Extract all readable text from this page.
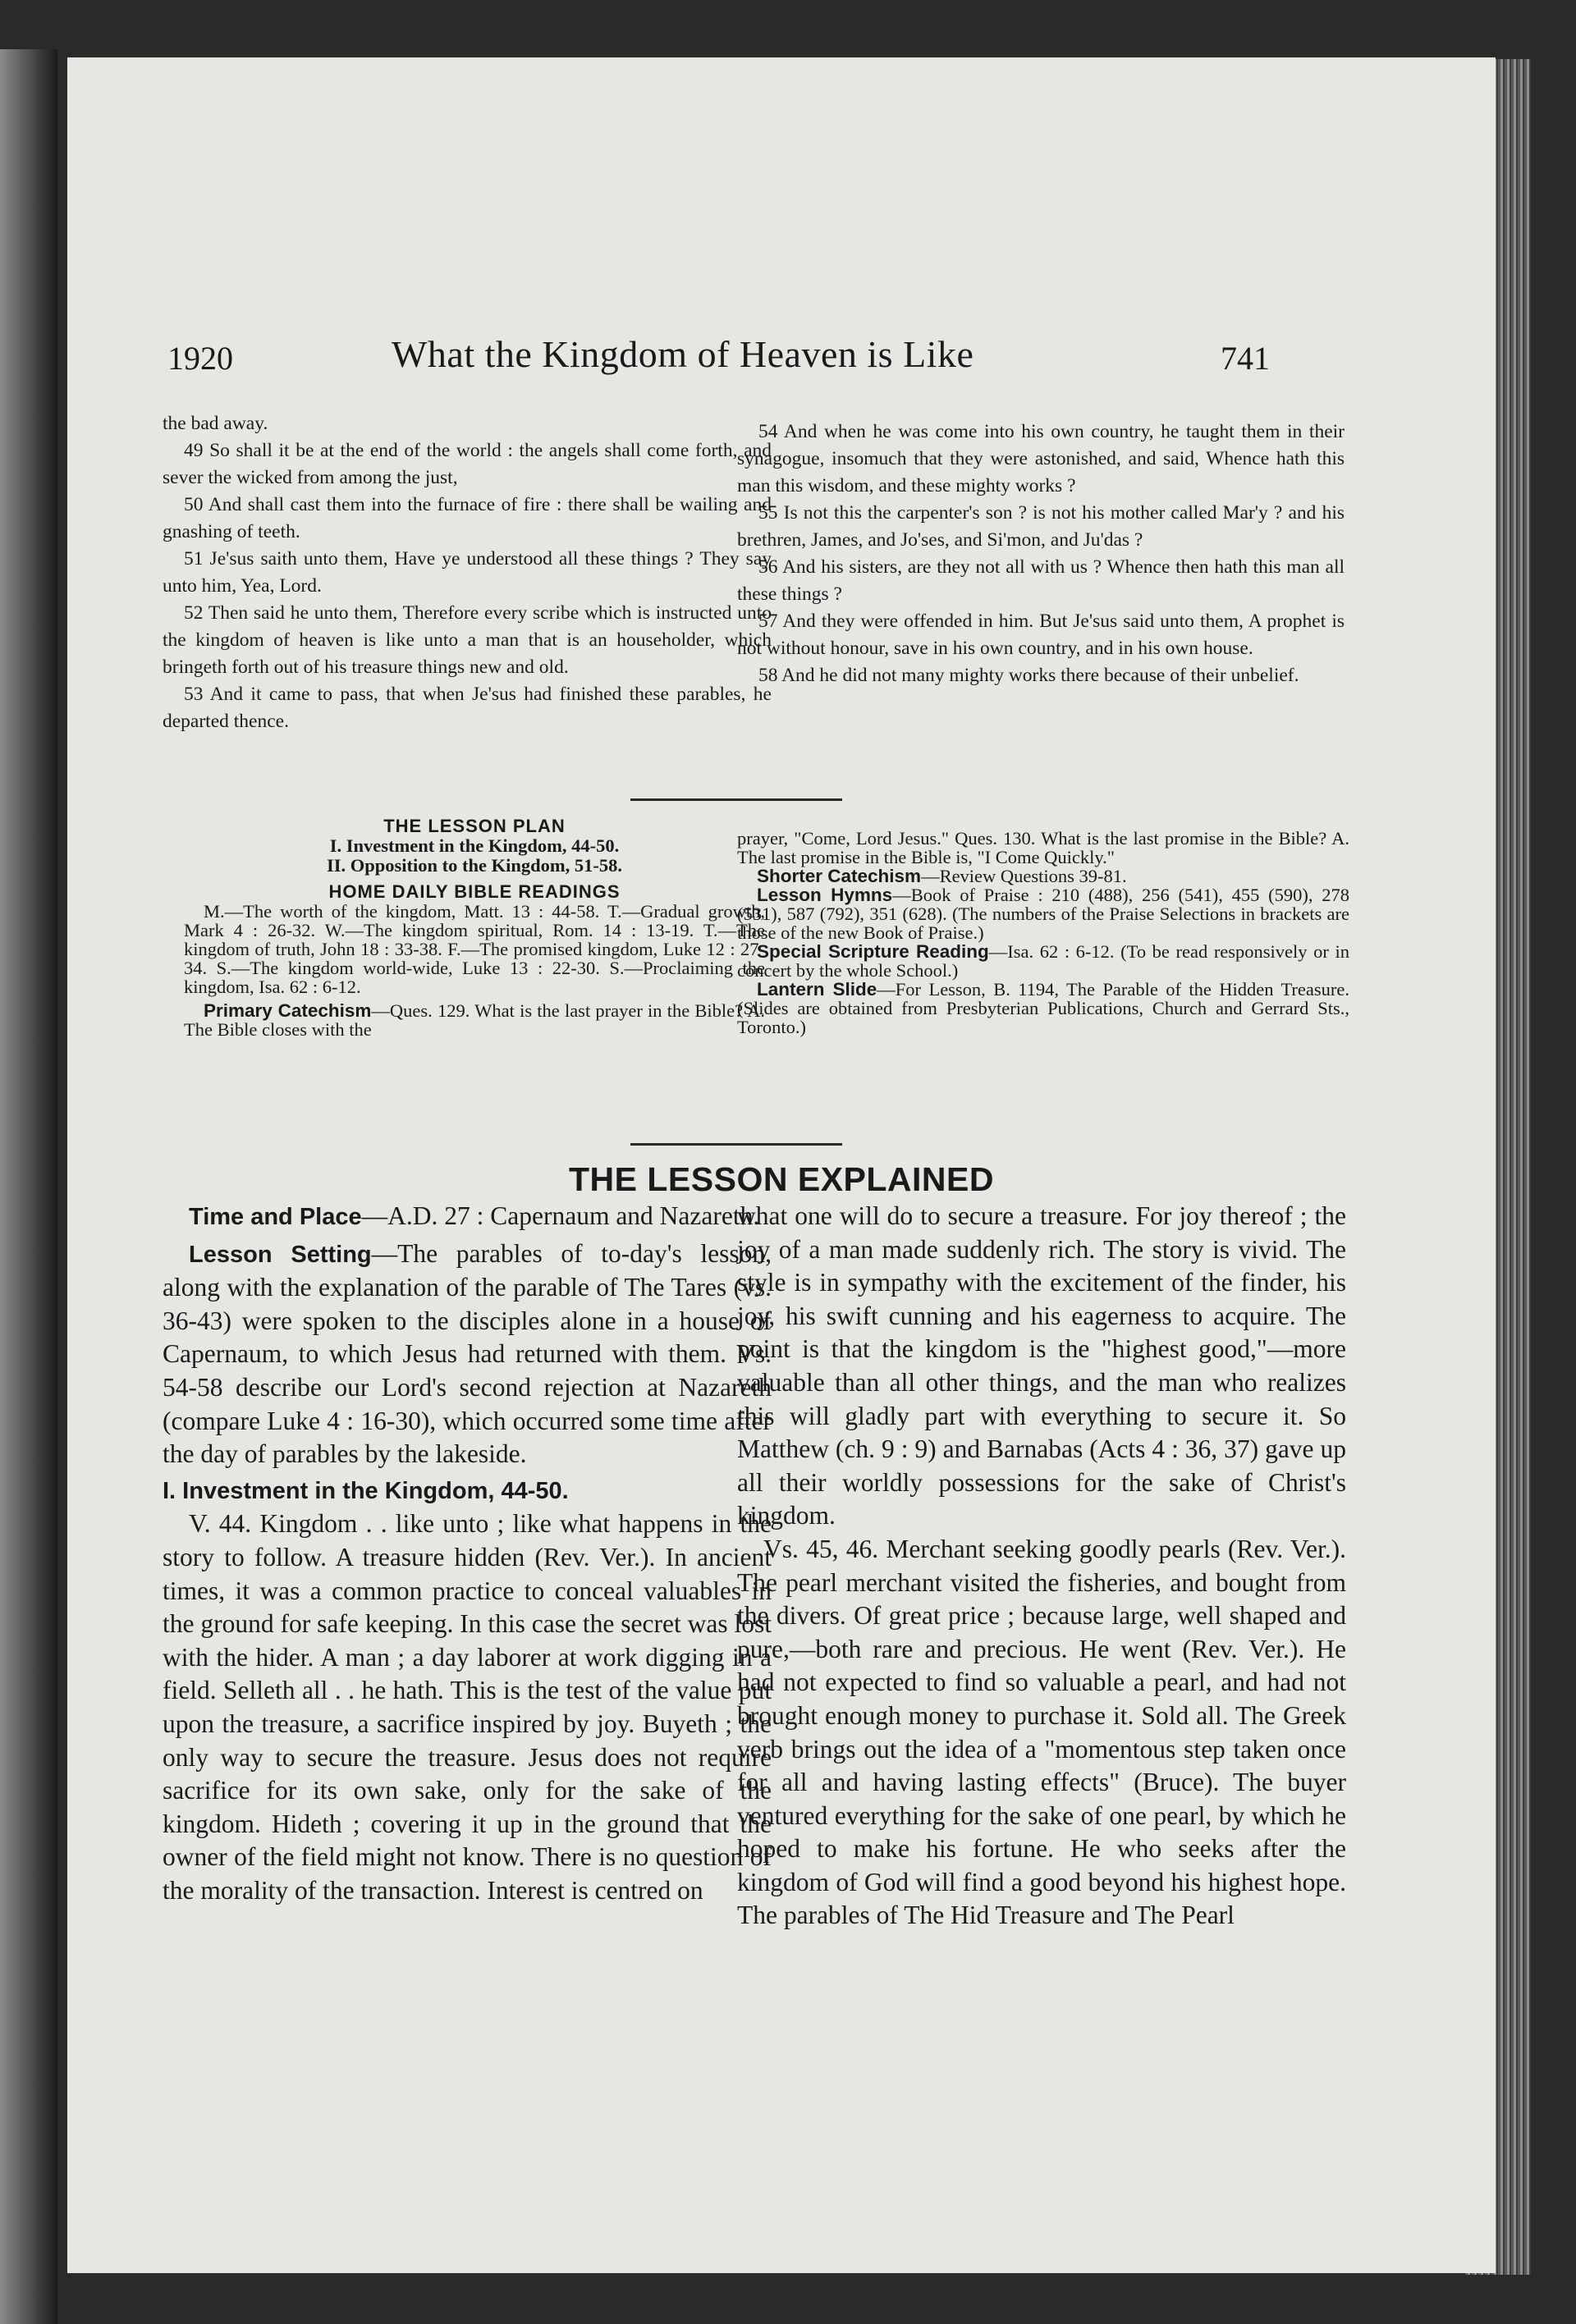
1920	What the Kingdom of Heaven is Like	741

the bad away.

49 So shall it be at the end of the world : the angels shall come forth, and sever the wicked from among the just,

50 And shall cast them into the furnace of fire : there shall be wailing and gnashing of teeth.

51 Je'sus saith unto them, Have ye understood all these things ? They say unto him, Yea, Lord.

52 Then said he unto them, Therefore every scribe which is instructed unto the kingdom of heaven is like unto a man that is an householder, which bringeth forth out of his treasure things new and old.

53 And it came to pass, that when Je'sus had finished these parables, he departed thence.

54 And when he was come into his own country, he taught them in their synagogue, insomuch that they were astonished, and said, Whence hath this man this wisdom, and these mighty works ?

55 Is not this the carpenter's son ? is not his mother called Mar'y ? and his brethren, James, and Jo'ses, and Si'mon, and Ju'das ?

56 And his sisters, are they not all with us ? Whence then hath this man all these things ?

57 And they were offended in him. But Je'sus said unto them, A prophet is not without honour, save in his own country, and in his own house.

58 And he did not many mighty works there because of their unbelief.

THE LESSON PLAN

I. Investment in the Kingdom, 44-50.

II. Opposition to the Kingdom, 51-58.

HOME DAILY BIBLE READINGS

M.—The worth of the kingdom, Matt. 13 : 44-58. T.—Gradual growth, Mark 4 : 26-32. W.—The kingdom spiritual, Rom. 14 : 13-19. T.—The kingdom of truth, John 18 : 33-38. F.—The promised kingdom, Luke 12 : 27-34. S.—The kingdom world-wide, Luke 13 : 22-30. S.—Proclaiming the kingdom, Isa. 62 : 6-12.

Primary Catechism—Ques. 129. What is the last prayer in the Bible? A. The Bible closes with the

prayer, "Come, Lord Jesus." Ques. 130. What is the last promise in the Bible? A. The last promise in the Bible is, "I Come Quickly."

Shorter Catechism—Review Questions 39-81.

Lesson Hymns—Book of Praise : 210 (488), 256 (541), 455 (590), 278 (531), 587 (792), 351 (628). (The numbers of the Praise Selections in brackets are those of the new Book of Praise.)

Special Scripture Reading—Isa. 62 : 6-12. (To be read responsively or in concert by the whole School.)

Lantern Slide—For Lesson, B. 1194, The Parable of the Hidden Treasure. (Slides are obtained from Presbyterian Publications, Church and Gerrard Sts., Toronto.)

THE LESSON EXPLAINED

Time and Place—A.D. 27 : Capernaum and Nazareth.

Lesson Setting—The parables of to-day's lesson, along with the explanation of the parable of The Tares (vs. 36-43) were spoken to the disciples alone in a house of Capernaum, to which Jesus had returned with them. Vs. 54-58 describe our Lord's second rejection at Nazareth (compare Luke 4 : 16-30), which occurred some time after the day of parables by the lakeside.

I. Investment in the Kingdom, 44-50.

V. 44. Kingdom . . like unto ; like what happens in the story to follow. A treasure hidden (Rev. Ver.). In ancient times, it was a common practice to conceal valuables in the ground for safe keeping. In this case the secret was lost with the hider. A man ; a day laborer at work digging in a field. Selleth all . . he hath. This is the test of the value put upon the treasure, a sacrifice inspired by joy. Buyeth ; the only way to secure the treasure. Jesus does not require sacrifice for its own sake, only for the sake of the kingdom. Hideth ; covering it up in the ground that the owner of the field might not know. There is no question of the morality of the transaction. Interest is centred on

what one will do to secure a treasure. For joy thereof ; the joy of a man made suddenly rich. The story is vivid. The style is in sympathy with the excitement of the finder, his joy, his swift cunning and his eagerness to acquire. The point is that the kingdom is the "highest good,"—more valuable than all other things, and the man who realizes this will gladly part with everything to secure it. So Matthew (ch. 9 : 9) and Barnabas (Acts 4 : 36, 37) gave up all their worldly possessions for the sake of Christ's kingdom.

Vs. 45, 46. Merchant seeking goodly pearls (Rev. Ver.). The pearl merchant visited the fisheries, and bought from the divers. Of great price ; because large, well shaped and pure,—both rare and precious. He went (Rev. Ver.). He had not expected to find so valuable a pearl, and had not brought enough money to purchase it. Sold all. The Greek verb brings out the idea of a "momentous step taken once for all and having lasting effects" (Bruce). The buyer ventured everything for the sake of one pearl, by which he hoped to make his fortune. He who seeks after the kingdom of God will find a good beyond his highest hope. The parables of The Hid Treasure and The Pearl
